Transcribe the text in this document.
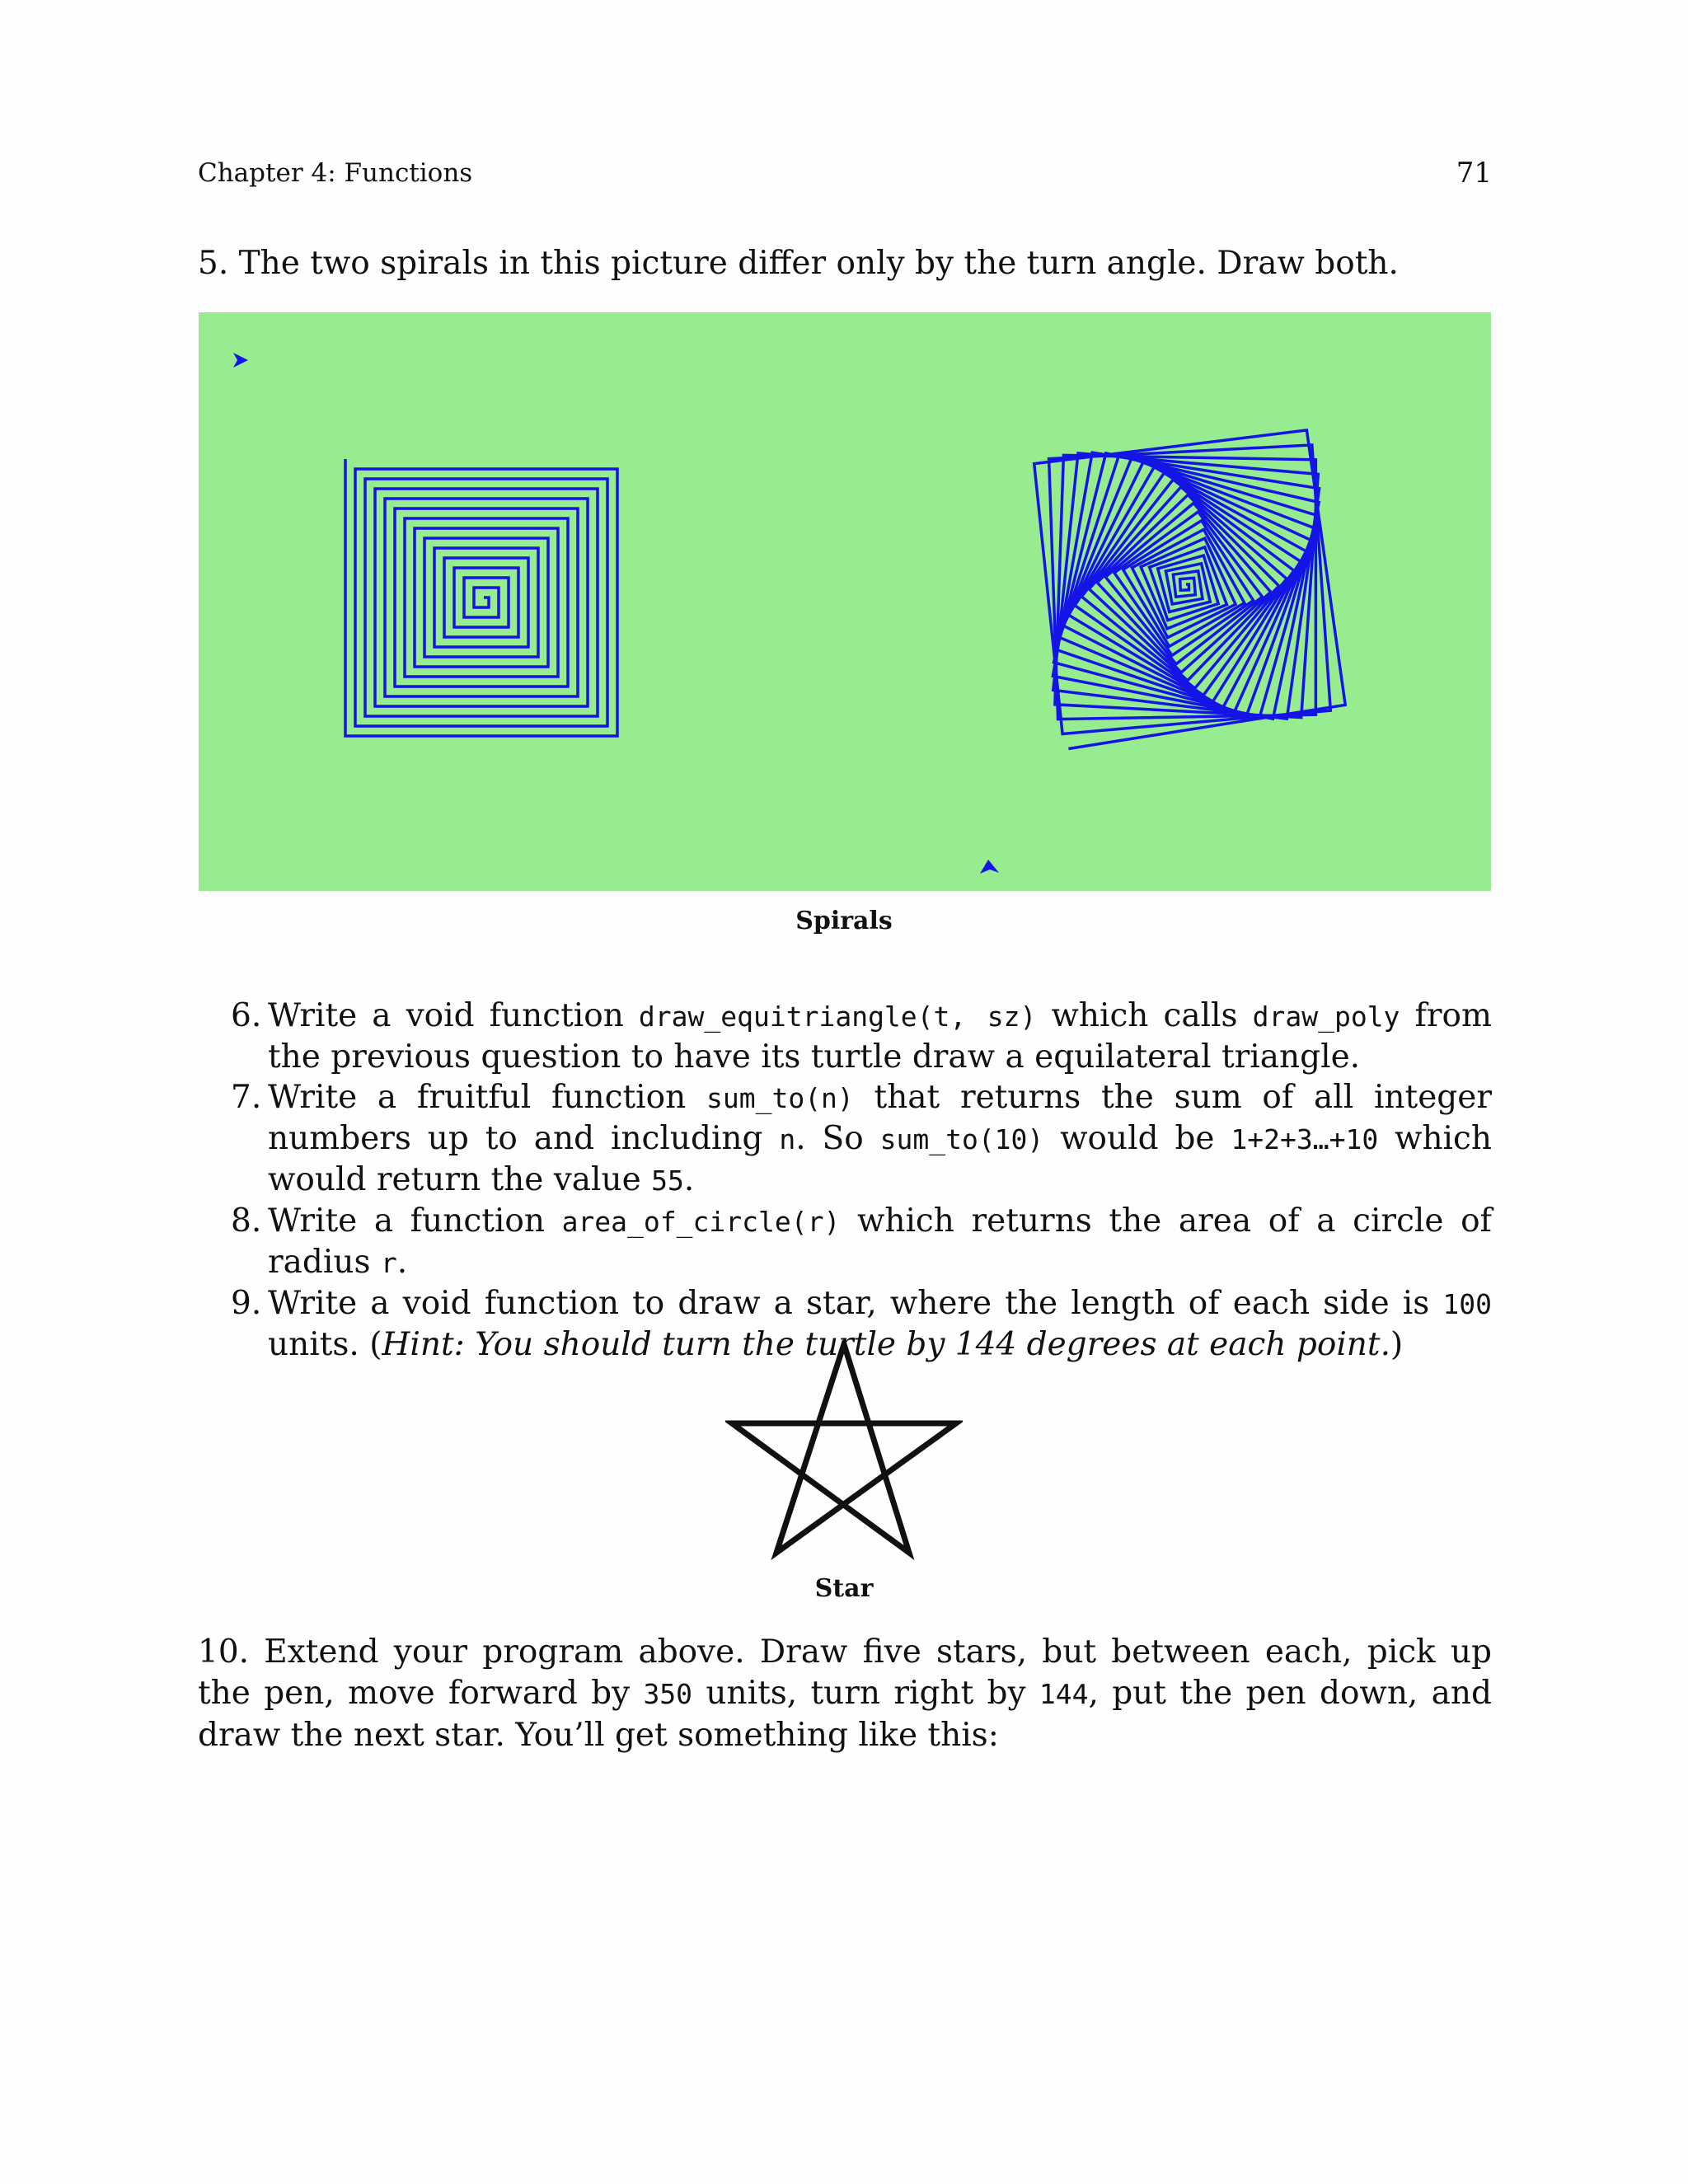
Chapter 4: Functions	71
5. The two spirals in this picture differ only by the turn angle. Draw both.
Spirals
6. Write a void function draw_equitriangle(t, sz) which calls draw_poly from the previous question to have its turtle draw a equilateral triangle.
7. Write a fruitful function sum_to(n) that returns the sum of all integer numbers up to and including n. So sum_to(10) would be 1+2+3…+10 which would return the value 55.
8. Write a function area_of_circle(r) which returns the area of a circle of radius r.
9. Write a void function to draw a star, where the length of each side is 100 units. (Hint: You should turn the turtle by 144 degrees at each point.)
Star
10. Extend your program above. Draw five stars, but between each, pick up the pen, move forward by 350 units, turn right by 144, put the pen down, and draw the next star. You’ll get something like this:
